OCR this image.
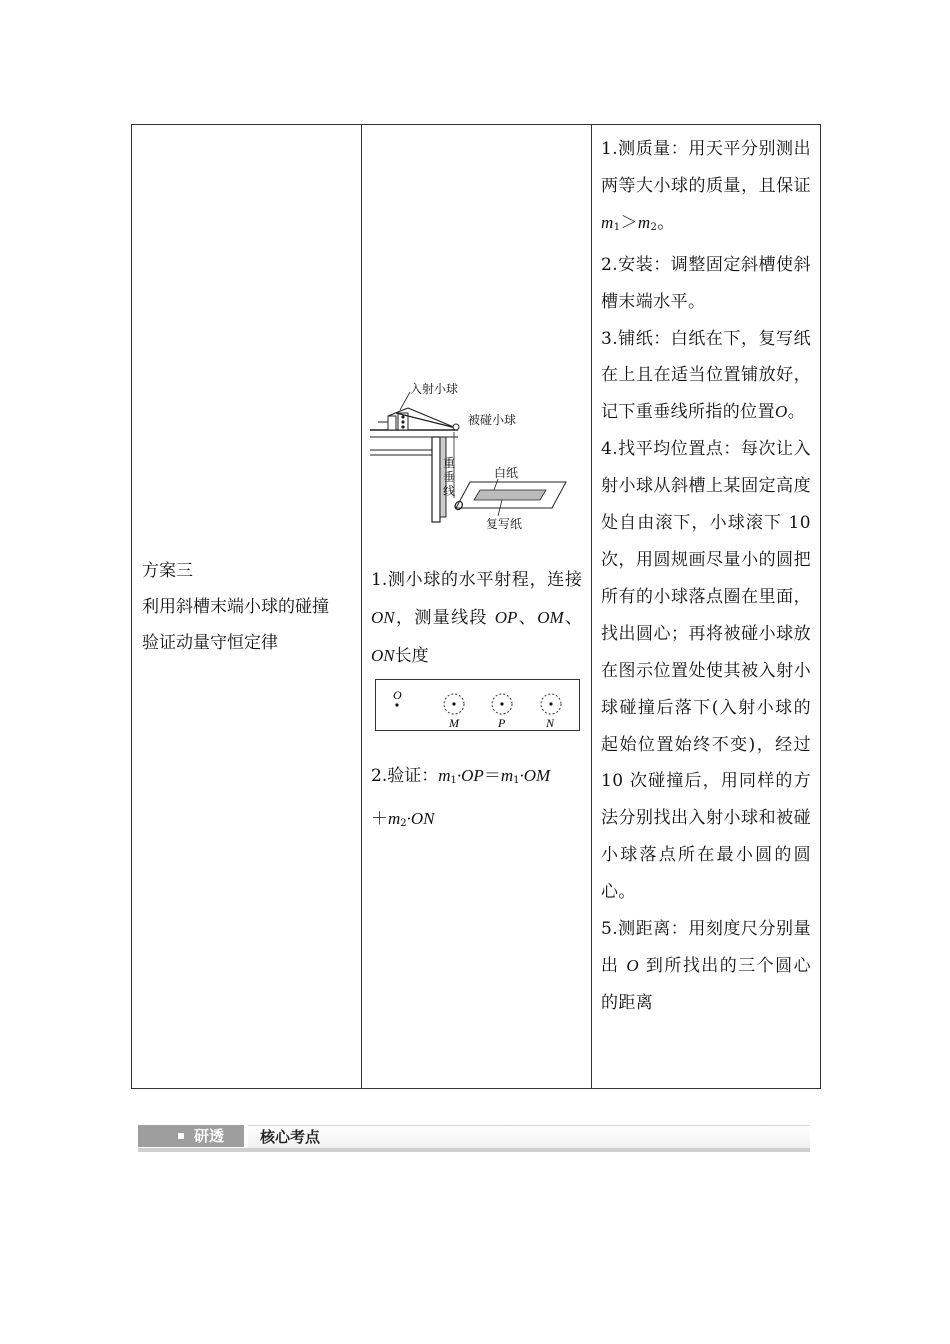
方案三
利用斜槽末端小球的碰撞
验证动量守恒定律

入射小球
被碰小球
重
垂
线
白纸
O
复写纸
1.测小球的水平射程，连接 ON，测量线段 OP、OM、ON长度
O
M	P	N
2.验证：$m_1\cdot OP=m_1\cdot OM$
$+m_2\cdot ON$

1.测质量：用天平分别测出两等大小球的质量，且保证$m_1>m_2$。

2.安装：调整固定斜槽使斜槽末端水平。

3.铺纸：白纸在下，复写纸在上且在适当位置铺放好，记下重垂线所指的位置O。

4.找平均位置点：每次让入射小球从斜槽上某固定高度处自由滚下，小球滚下 10 次，用圆规画尽量小的圆把所有的小球落点圈在里面，找出圆心；再将被碰小球放在图示位置处使其被入射小球碰撞后落下(入射小球的起始位置始终不变)，经过 10 次碰撞后，用同样的方法分别找出入射小球和被碰小球落点所在最小圆的圆心。

5.测距离：用刻度尺分别量出 O 到所找出的三个圆心的距离

研透 核心考点
